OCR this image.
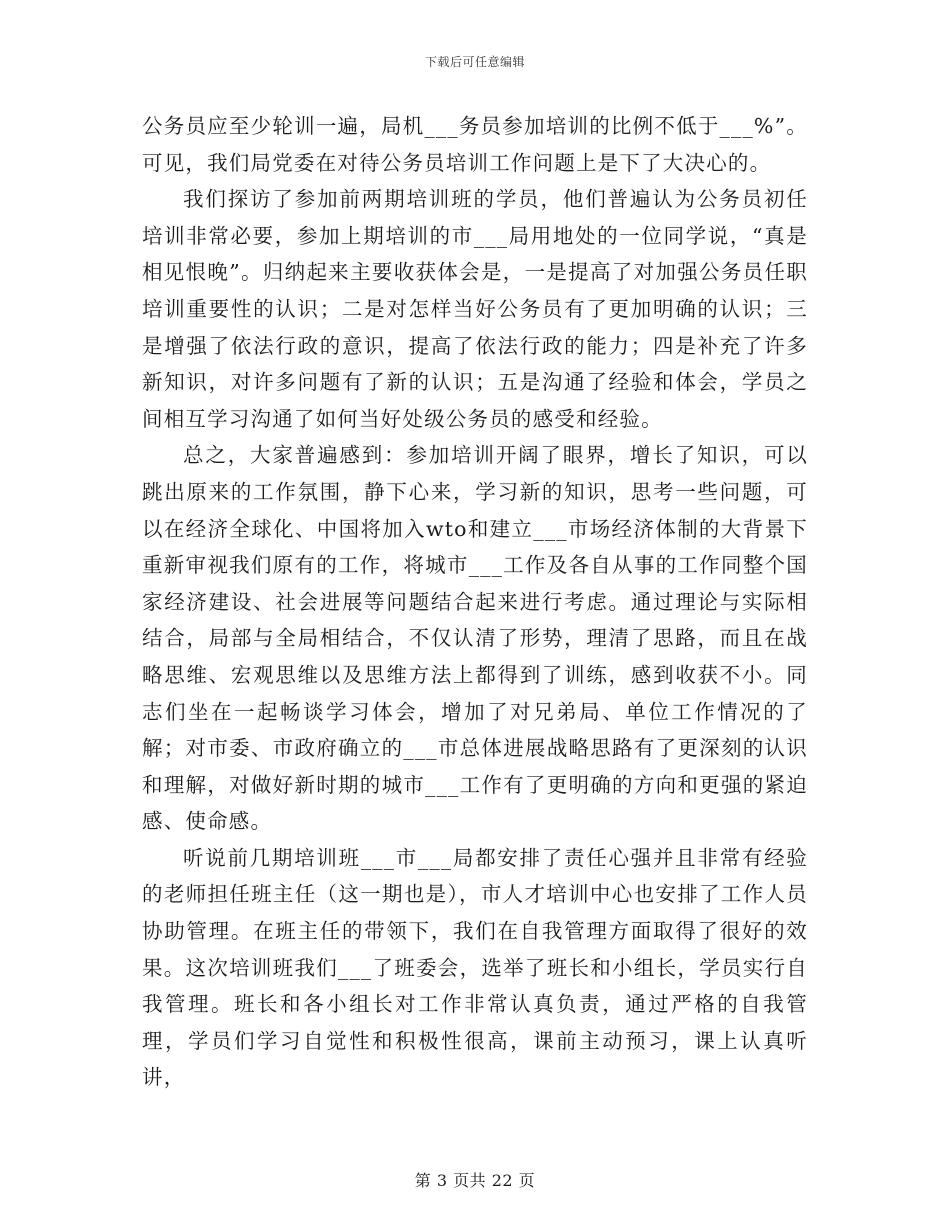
下载后可任意编辑

公务员应至少轮训一遍，局机___务员参加培训的比例不低于___%”。可见，我们局党委在对待公务员培训工作问题上是下了大决心的。

我们探访了参加前两期培训班的学员，他们普遍认为公务员初任培训非常必要，参加上期培训的市___局用地处的一位同学说，“真是相见恨晚”。归纳起来主要收获体会是，一是提高了对加强公务员任职培训重要性的认识；二是对怎样当好公务员有了更加明确的认识；三是增强了依法行政的意识，提高了依法行政的能力；四是补充了许多新知识，对许多问题有了新的认识；五是沟通了经验和体会，学员之间相互学习沟通了如何当好处级公务员的感受和经验。

总之，大家普遍感到：参加培训开阔了眼界，增长了知识，可以跳出原来的工作氛围，静下心来，学习新的知识，思考一些问题，可以在经济全球化、中国将加入wto和建立___市场经济体制的大背景下重新审视我们原有的工作，将城市___工作及各自从事的工作同整个国家经济建设、社会进展等问题结合起来进行考虑。通过理论与实际相结合，局部与全局相结合，不仅认清了形势，理清了思路，而且在战略思维、宏观思维以及思维方法上都得到了训练，感到收获不小。同志们坐在一起畅谈学习体会，增加了对兄弟局、单位工作情况的了解；对市委、市政府确立的___市总体进展战略思路有了更深刻的认识和理解，对做好新时期的城市___工作有了更明确的方向和更强的紧迫感、使命感。

听说前几期培训班___市___局都安排了责任心强并且非常有经验的老师担任班主任（这一期也是），市人才培训中心也安排了工作人员协助管理。在班主任的带领下，我们在自我管理方面取得了很好的效果。这次培训班我们___了班委会，选举了班长和小组长，学员实行自我管理。班长和各小组长对工作非常认真负责，通过严格的自我管理，学员们学习自觉性和积极性很高，课前主动预习，课上认真听讲，

第 3 页共 22 页
